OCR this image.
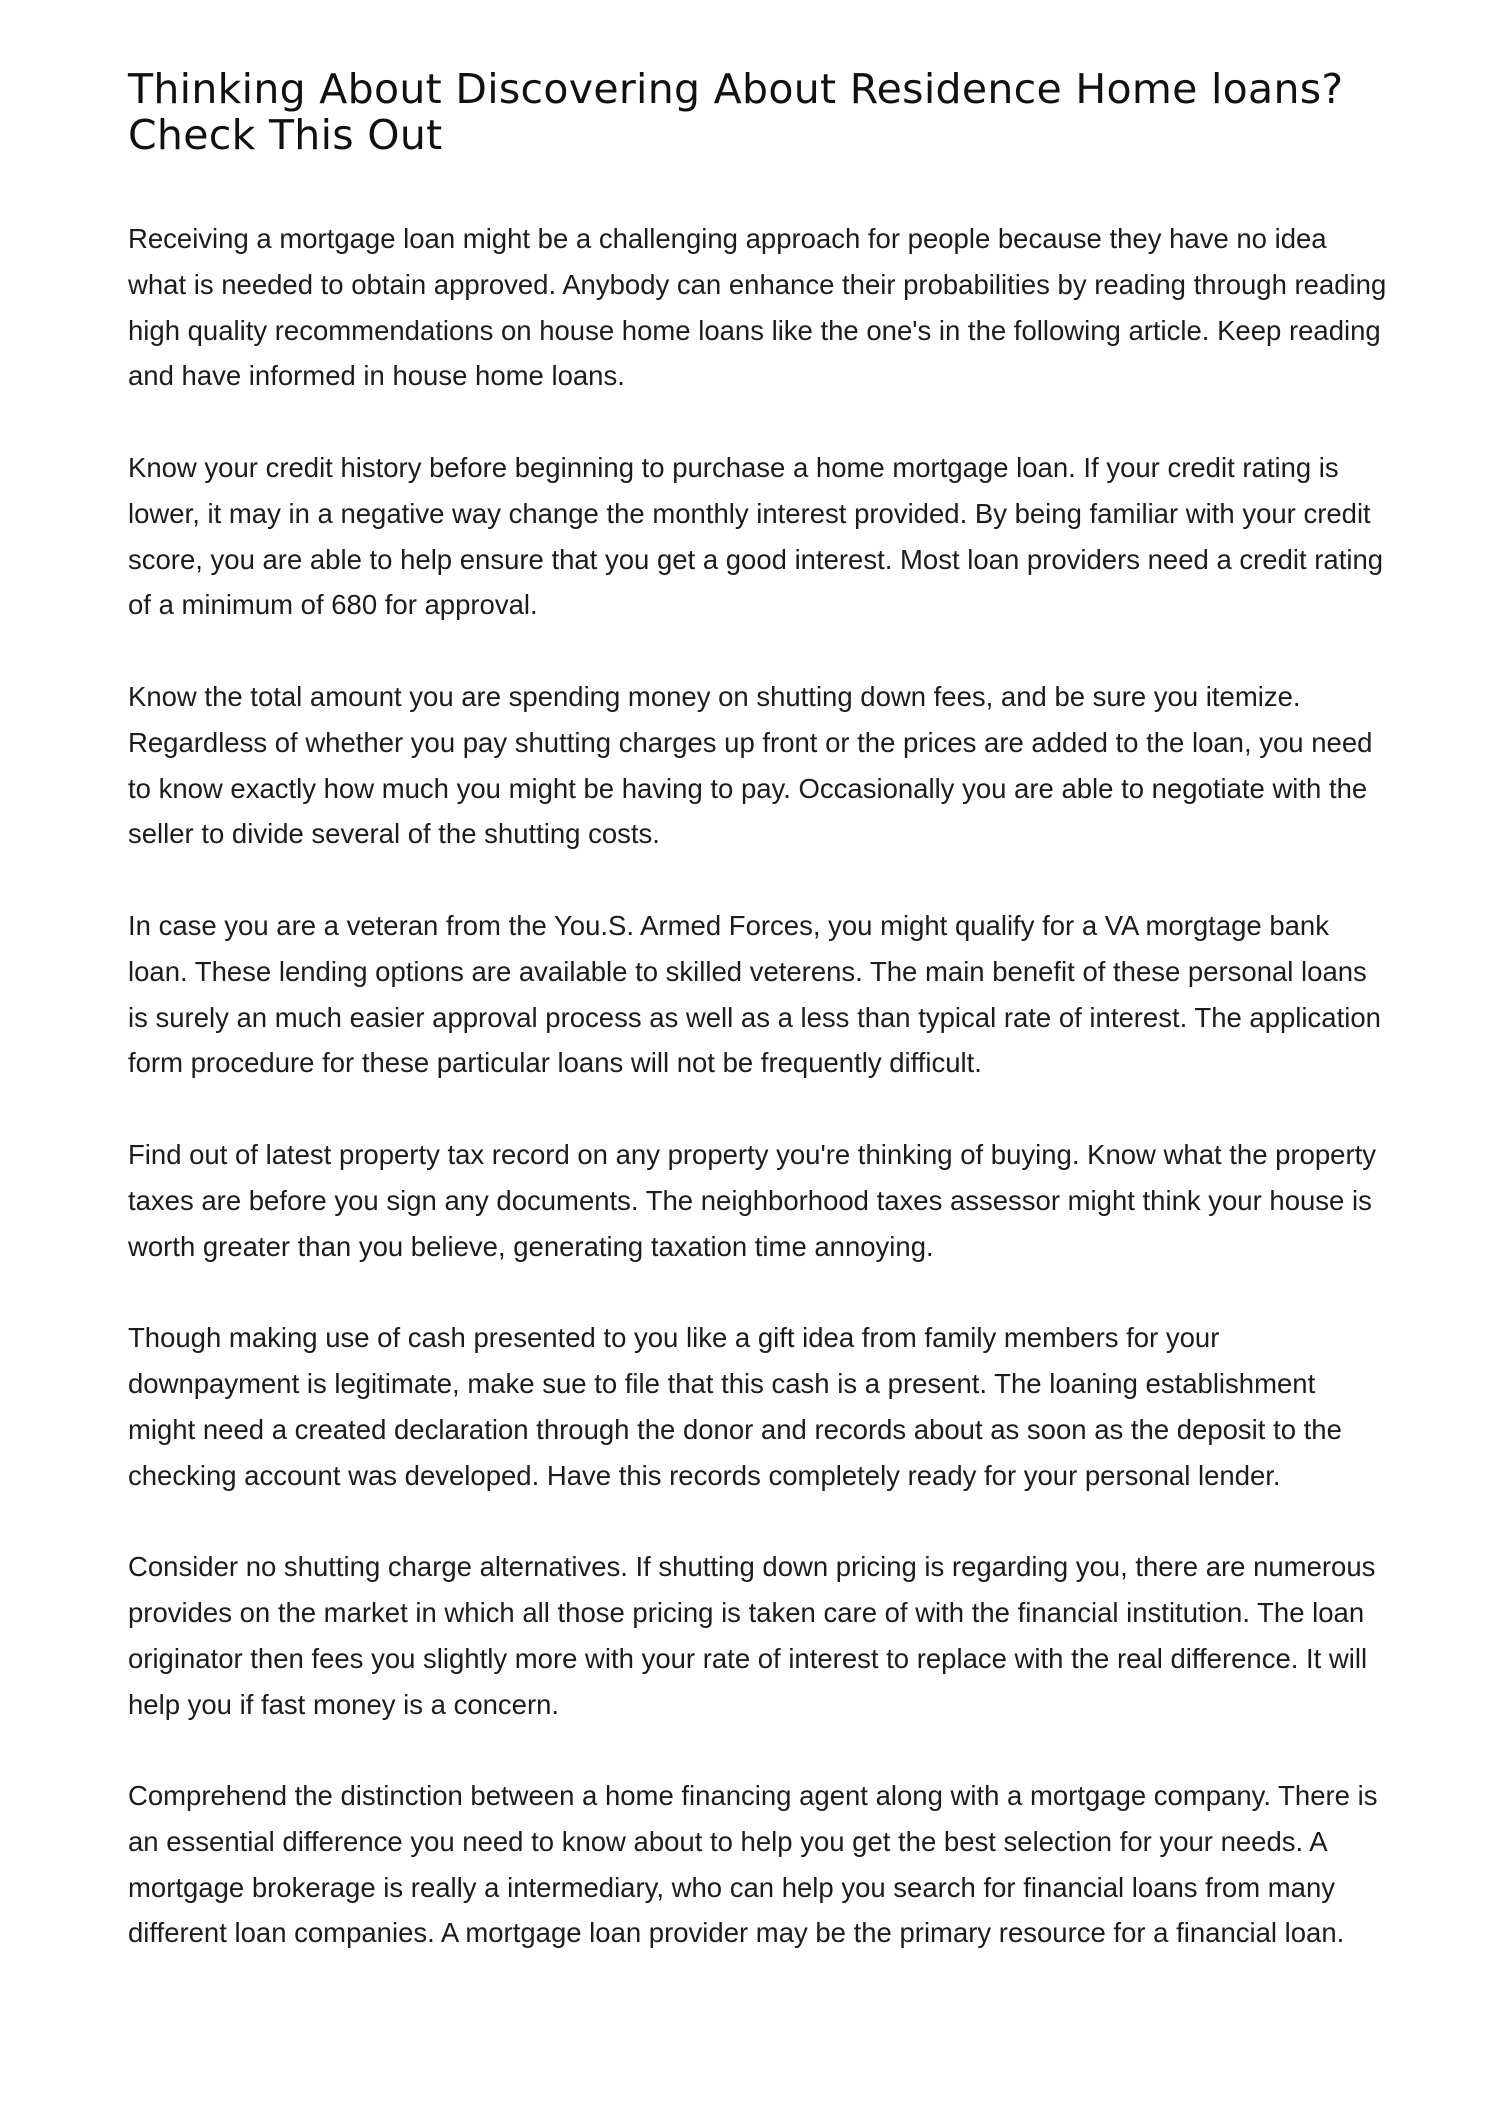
Thinking About Discovering About Residence Home loans? Check This Out

Receiving a mortgage loan might be a challenging approach for people because they have no idea what is needed to obtain approved. Anybody can enhance their probabilities by reading through reading high quality recommendations on house home loans like the one's in the following article. Keep reading and have informed in house home loans.

Know your credit history before beginning to purchase a home mortgage loan. If your credit rating is lower, it may in a negative way change the monthly interest provided. By being familiar with your credit score, you are able to help ensure that you get a good interest. Most loan providers need a credit rating of a minimum of 680 for approval.

Know the total amount you are spending money on shutting down fees, and be sure you itemize. Regardless of whether you pay shutting charges up front or the prices are added to the loan, you need to know exactly how much you might be having to pay. Occasionally you are able to negotiate with the seller to divide several of the shutting costs.

In case you are a veteran from the You.S. Armed Forces, you might qualify for a VA morgtage bank loan. These lending options are available to skilled veterens. The main benefit of these personal loans is surely an much easier approval process as well as a less than typical rate of interest. The application form procedure for these particular loans will not be frequently difficult.

Find out of latest property tax record on any property you're thinking of buying. Know what the property taxes are before you sign any documents. The neighborhood taxes assessor might think your house is worth greater than you believe, generating taxation time annoying.

Though making use of cash presented to you like a gift idea from family members for your downpayment is legitimate, make sue to file that this cash is a present. The loaning establishment might need a created declaration through the donor and records about as soon as the deposit to the checking account was developed. Have this records completely ready for your personal lender.

Consider no shutting charge alternatives. If shutting down pricing is regarding you, there are numerous provides on the market in which all those pricing is taken care of with the financial institution. The loan originator then fees you slightly more with your rate of interest to replace with the real difference. It will help you if fast money is a concern.

Comprehend the distinction between a home financing agent along with a mortgage company. There is an essential difference you need to know about to help you get the best selection for your needs. A mortgage brokerage is really a intermediary, who can help you search for financial loans from many different loan companies. A mortgage loan provider may be the primary resource for a financial loan.
